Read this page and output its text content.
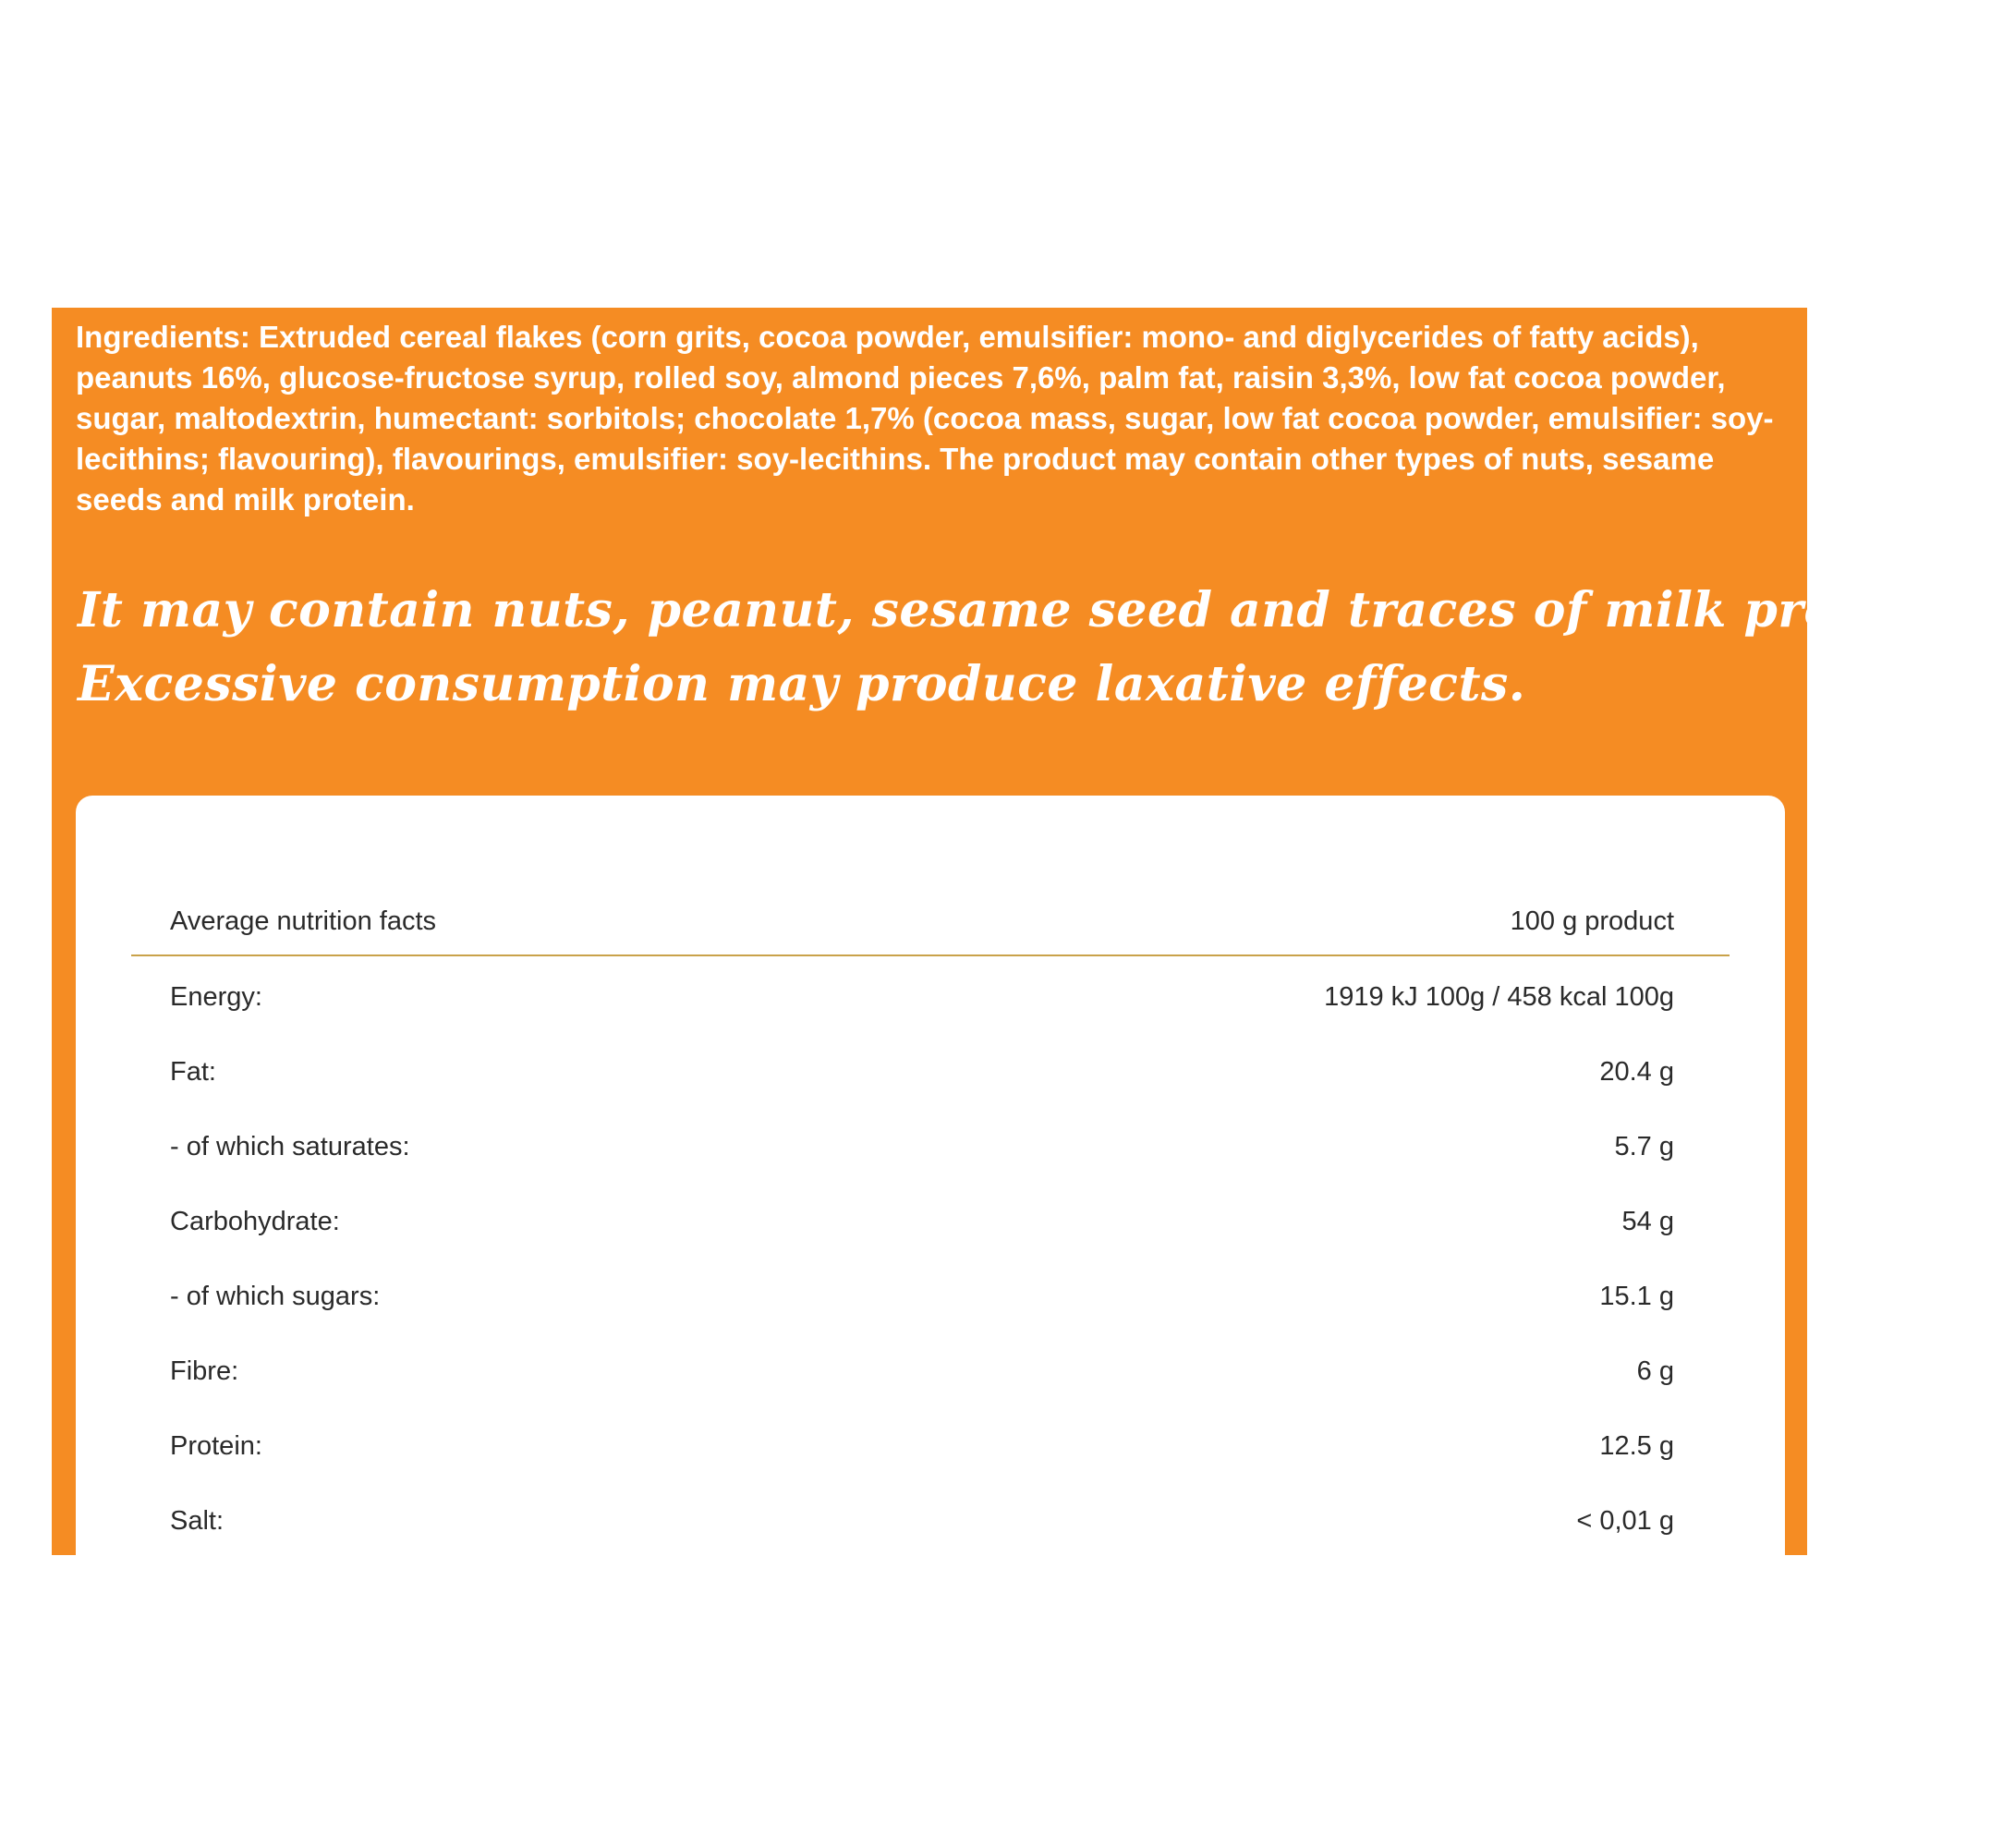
Ingredients: Extruded cereal flakes (corn grits, cocoa powder, emulsifier: mono- and diglycerides of fatty acids), peanuts 16%, glucose-fructose syrup, rolled soy, almond pieces 7,6%, palm fat, raisin 3,3%, low fat cocoa powder, sugar, maltodextrin, humectant: sorbitols; chocolate 1,7% (cocoa mass, sugar, low fat cocoa powder, emulsifier: soy- lecithins; flavouring), flavourings, emulsifier: soy-lecithins. The product may contain other types of nuts, sesame seeds and milk protein.

It may contain nuts, peanut, sesame seed and traces of milk products.
Excessive consumption may produce laxative effects.
Average nutrition facts	100 g product
Energy:	1919 kJ 100g / 458 kcal 100g
Fat:	20.4 g
- of which saturates:	5.7 g
Carbohydrate:	54 g
- of which sugars:	15.1 g
Fibre:	6 g
Protein:	12.5 g
Salt:	< 0,01 g
